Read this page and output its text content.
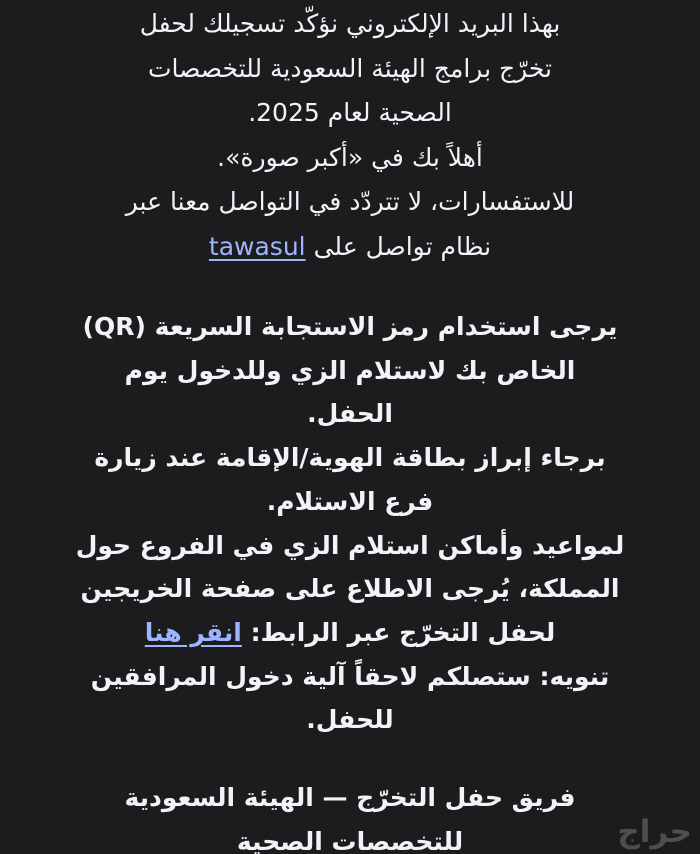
بهذا البريد الإلكتروني نؤكّد تسجيلك لحفل
تخرّج برامج الهيئة السعودية للتخصصات
الصحية لعام 2025.
أهلاً بك في «أكبر صورة».
للاستفسارات، لا تتردّد في التواصل معنا عبر
نظام تواصل على tawasul
يرجى استخدام رمز الاستجابة السريعة (QR)
الخاص بك لاستلام الزي وللدخول يوم
الحفل.
برجاء إبراز بطاقة الهوية/الإقامة عند زيارة
فرع الاستلام.
لمواعيد وأماكن استلام الزي في الفروع حول
المملكة، يُرجى الاطلاع على صفحة الخريجين
لحفل التخرّج عبر الرابط: انقر هنا
تنويه: ستصلكم لاحقاً آلية دخول المرافقين
للحفل.
فريق حفل التخرّج — الهيئة السعودية
للتخصصات الصحية	حراج
